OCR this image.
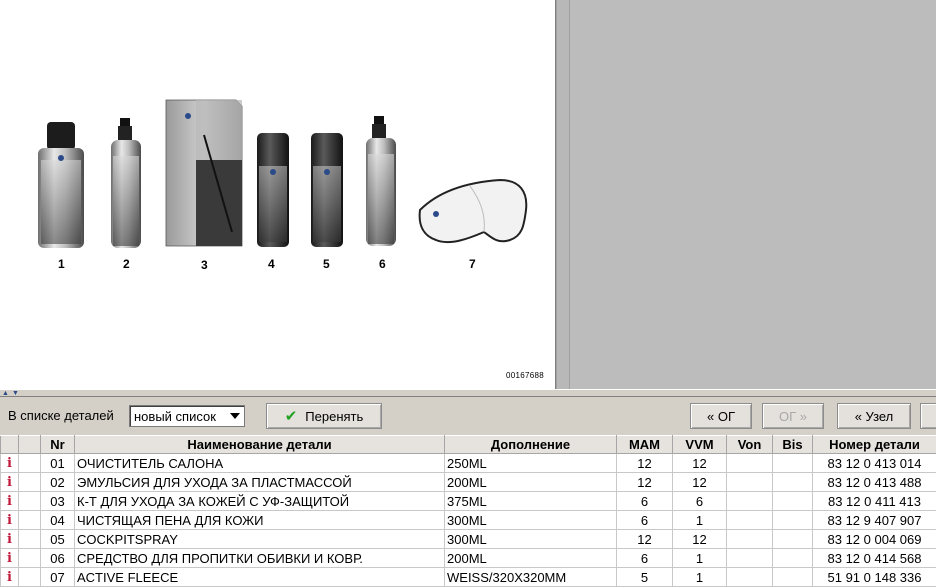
1	2	3	4	5	6	7
00167688
▲ ▼
В списке деталей	новый список	✔ Перенять	« ОГ	ОГ »	« Узел
		Nr	Наименование детали	Дополнение	MAM	VVM	Von	Bis	Номер детали
i		01	ОЧИСТИТЕЛЬ САЛОНА	250ML	12	12			83 12 0 413 014
i		02	ЭМУЛЬСИЯ ДЛЯ УХОДА ЗА ПЛАСТМАССОЙ	200ML	12	12			83 12 0 413 488
i		03	К-Т ДЛЯ УХОДА ЗА КОЖЕЙ С УФ-ЗАЩИТОЙ	375ML	6	6			83 12 0 411 413
i		04	ЧИСТЯЩАЯ ПЕНА ДЛЯ КОЖИ	300ML	6	1			83 12 9 407 907
i		05	COCKPITSPRAY	300ML	12	12			83 12 0 004 069
i		06	СРЕДСТВО ДЛЯ ПРОПИТКИ ОБИВКИ И КОВР.	200ML	6	1			83 12 0 414 568
i		07	ACTIVE FLEECE	WEISS/320X320MM	5	1			51 91 0 148 336
